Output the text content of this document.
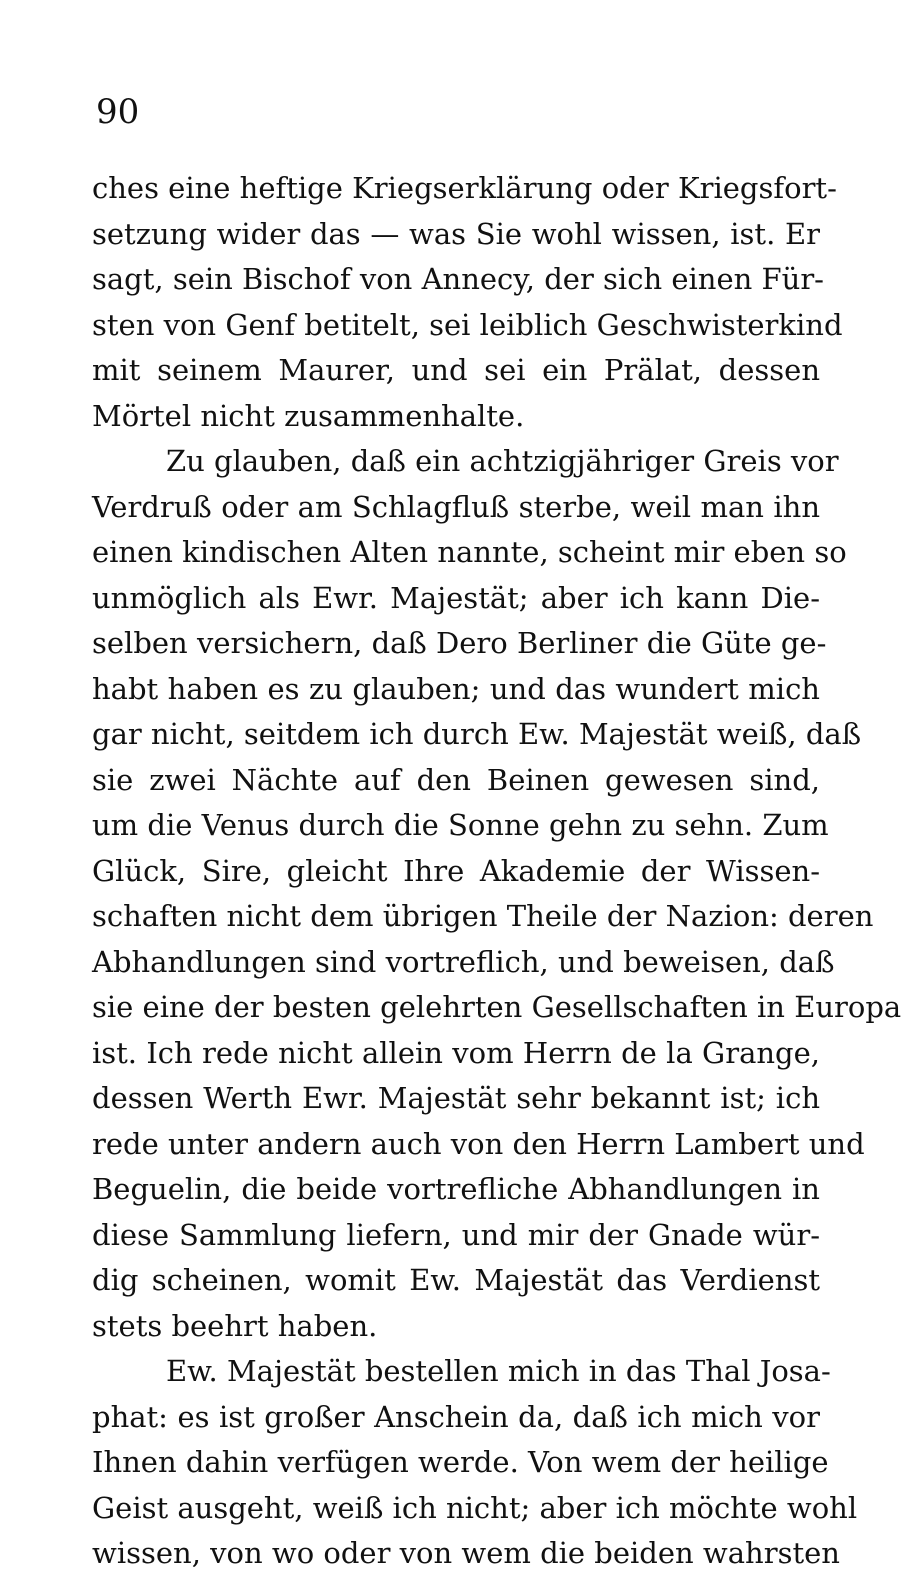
90
ches eine heftige Kriegserklärung oder Kriegsfort-
setzung wider das — was Sie wohl wissen, ist. Er
sagt, sein Bischof von Annecy, der sich einen Für-
sten von Genf betitelt, sei leiblich Geschwisterkind
mit seinem Maurer, und sei ein Prälat, dessen
Mörtel nicht zusammenhalte.
Zu glauben, daß ein achtzigjähriger Greis vor
Verdruß oder am Schlagfluß sterbe, weil man ihn
einen kindischen Alten nannte, scheint mir eben so
unmöglich als Ewr. Majestät; aber ich kann Die-
selben versichern, daß Dero Berliner die Güte ge-
habt haben es zu glauben; und das wundert mich
gar nicht, seitdem ich durch Ew. Majestät weiß, daß
sie zwei Nächte auf den Beinen gewesen sind,
um die Venus durch die Sonne gehn zu sehn. Zum
Glück, Sire, gleicht Ihre Akademie der Wissen-
schaften nicht dem übrigen Theile der Nazion: deren
Abhandlungen sind vortreflich, und beweisen, daß
sie eine der besten gelehrten Gesellschaften in Europa
ist. Ich rede nicht allein vom Herrn de la Grange,
dessen Werth Ewr. Majestät sehr bekannt ist; ich
rede unter andern auch von den Herrn Lambert und
Beguelin, die beide vortrefliche Abhandlungen in
diese Sammlung liefern, und mir der Gnade wür-
dig scheinen, womit Ew. Majestät das Verdienst
stets beehrt haben.
Ew. Majestät bestellen mich in das Thal Josa-
phat: es ist großer Anschein da, daß ich mich vor
Ihnen dahin verfügen werde. Von wem der heilige
Geist ausgeht, weiß ich nicht; aber ich möchte wohl
wissen, von wo oder von wem die beiden wahrsten
